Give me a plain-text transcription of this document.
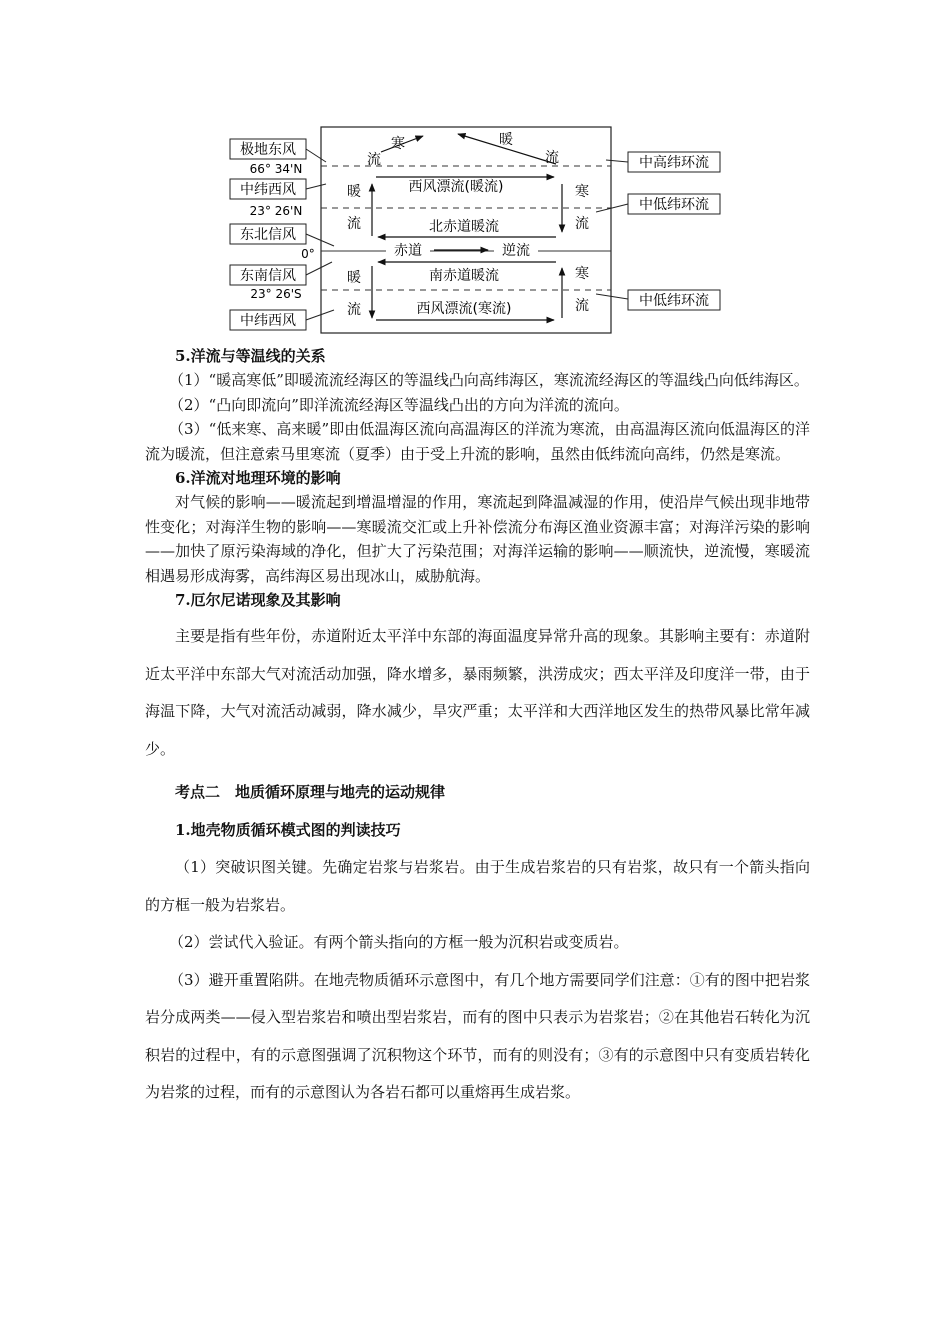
极地东风
66° 34'N
中纬西风
23° 26'N
东北信风
0°
东南信风
23° 26'S
中纬西风
寒
流
暖
流
暖
流
西风漂流(暖流)	寒
流
北赤道暖流
赤道	逆流
南赤道暖流
暖
流
寒
流
西风漂流(寒流)
中高纬环流
中低纬环流
中低纬环流

5.洋流与等温线的关系

（1）“暖高寒低”即暖流流经海区的等温线凸向高纬海区，寒流流经海区的等温线凸向低纬海区。

（2）“凸向即流向”即洋流流经海区等温线凸出的方向为洋流的流向。

（3）“低来寒、高来暖”即由低温海区流向高温海区的洋流为寒流，由高温海区流向低温海区的洋流为暖流，但注意索马里寒流（夏季）由于受上升流的影响，虽然由低纬流向高纬，仍然是寒流。

6.洋流对地理环境的影响

对气候的影响——暖流起到增温增湿的作用，寒流起到降温减湿的作用，使沿岸气候出现非地带性变化；对海洋生物的影响——寒暖流交汇或上升补偿流分布海区渔业资源丰富；对海洋污染的影响——加快了原污染海域的净化，但扩大了污染范围；对海洋运输的影响——顺流快，逆流慢，寒暖流相遇易形成海雾，高纬海区易出现冰山，威胁航海。

7.厄尔尼诺现象及其影响

主要是指有些年份，赤道附近太平洋中东部的海面温度异常升高的现象。其影响主要有：赤道附近太平洋中东部大气对流活动加强，降水增多，暴雨频繁，洪涝成灾；西太平洋及印度洋一带，由于海温下降，大气对流活动减弱，降水减少，旱灾严重；太平洋和大西洋地区发生的热带风暴比常年减少。

考点二　地质循环原理与地壳的运动规律

1.地壳物质循环模式图的判读技巧

（1）突破识图关键。先确定岩浆与岩浆岩。由于生成岩浆岩的只有岩浆，故只有一个箭头指向的方框一般为岩浆岩。

（2）尝试代入验证。有两个箭头指向的方框一般为沉积岩或变质岩。

（3）避开重置陷阱。在地壳物质循环示意图中，有几个地方需要同学们注意：①有的图中把岩浆岩分成两类——侵入型岩浆岩和喷出型岩浆岩，而有的图中只表示为岩浆岩；②在其他岩石转化为沉积岩的过程中，有的示意图强调了沉积物这个环节，而有的则没有；③有的示意图中只有变质岩转化为岩浆的过程，而有的示意图认为各岩石都可以重熔再生成岩浆。
